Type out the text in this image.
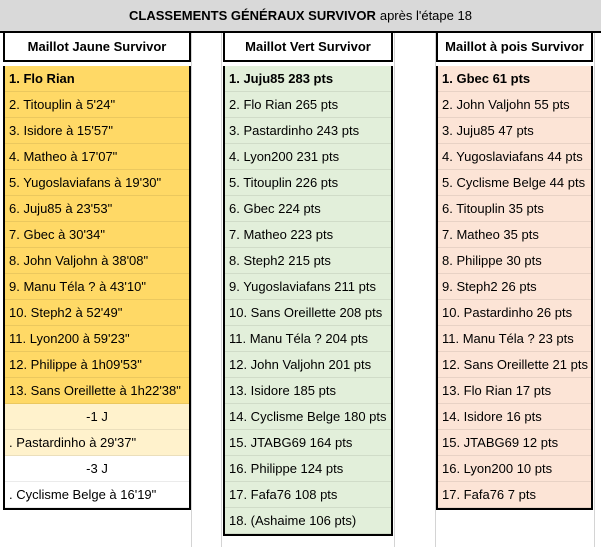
CLASSEMENTS GÉNÉRAUX SURVIVOR après l'étape 18
Maillot Jaune Survivor
1. Flo Rian
2. Titouplin à 5'24"
3. Isidore à 15'57"
4. Matheo à 17'07"
5. Yugoslaviafans à 19'30"
6. Juju85 à 23'53"
7. Gbec à 30'34"
8. John Valjohn à 38'08"
9. Manu Téla ? à 43'10"
10. Steph2 à 52'49"
11. Lyon200 à 59'23"
12. Philippe à 1h09'53"
13. Sans Oreillette à 1h22'38"
-1 J
. Pastardinho à 29'37"
-3 J
. Cyclisme Belge à 16'19"
Maillot Vert Survivor
1. Juju85 283 pts
2. Flo Rian 265 pts
3. Pastardinho 243 pts
4. Lyon200 231 pts
5. Titouplin 226 pts
6. Gbec 224 pts
7. Matheo 223 pts
8. Steph2 215 pts
9. Yugoslaviafans 211 pts
10. Sans Oreillette 208 pts
11. Manu Téla ? 204 pts
12. John Valjohn 201 pts
13. Isidore 185 pts
14. Cyclisme Belge 180 pts
15. JTABG69 164 pts
16. Philippe 124 pts
17. Fafa76 108 pts
18. (Ashaime 106 pts)
Maillot à pois Survivor
1. Gbec 61 pts
2. John Valjohn 55 pts
3. Juju85 47 pts
4. Yugoslaviafans 44 pts
5. Cyclisme Belge 44 pts
6. Titouplin 35 pts
7. Matheo 35 pts
8. Philippe 30 pts
9. Steph2 26 pts
10. Pastardinho 26 pts
11. Manu Téla ? 23 pts
12. Sans Oreillette 21 pts
13. Flo Rian 17 pts
14. Isidore 16 pts
15. JTABG69 12 pts
16. Lyon200 10 pts
17. Fafa76 7 pts
